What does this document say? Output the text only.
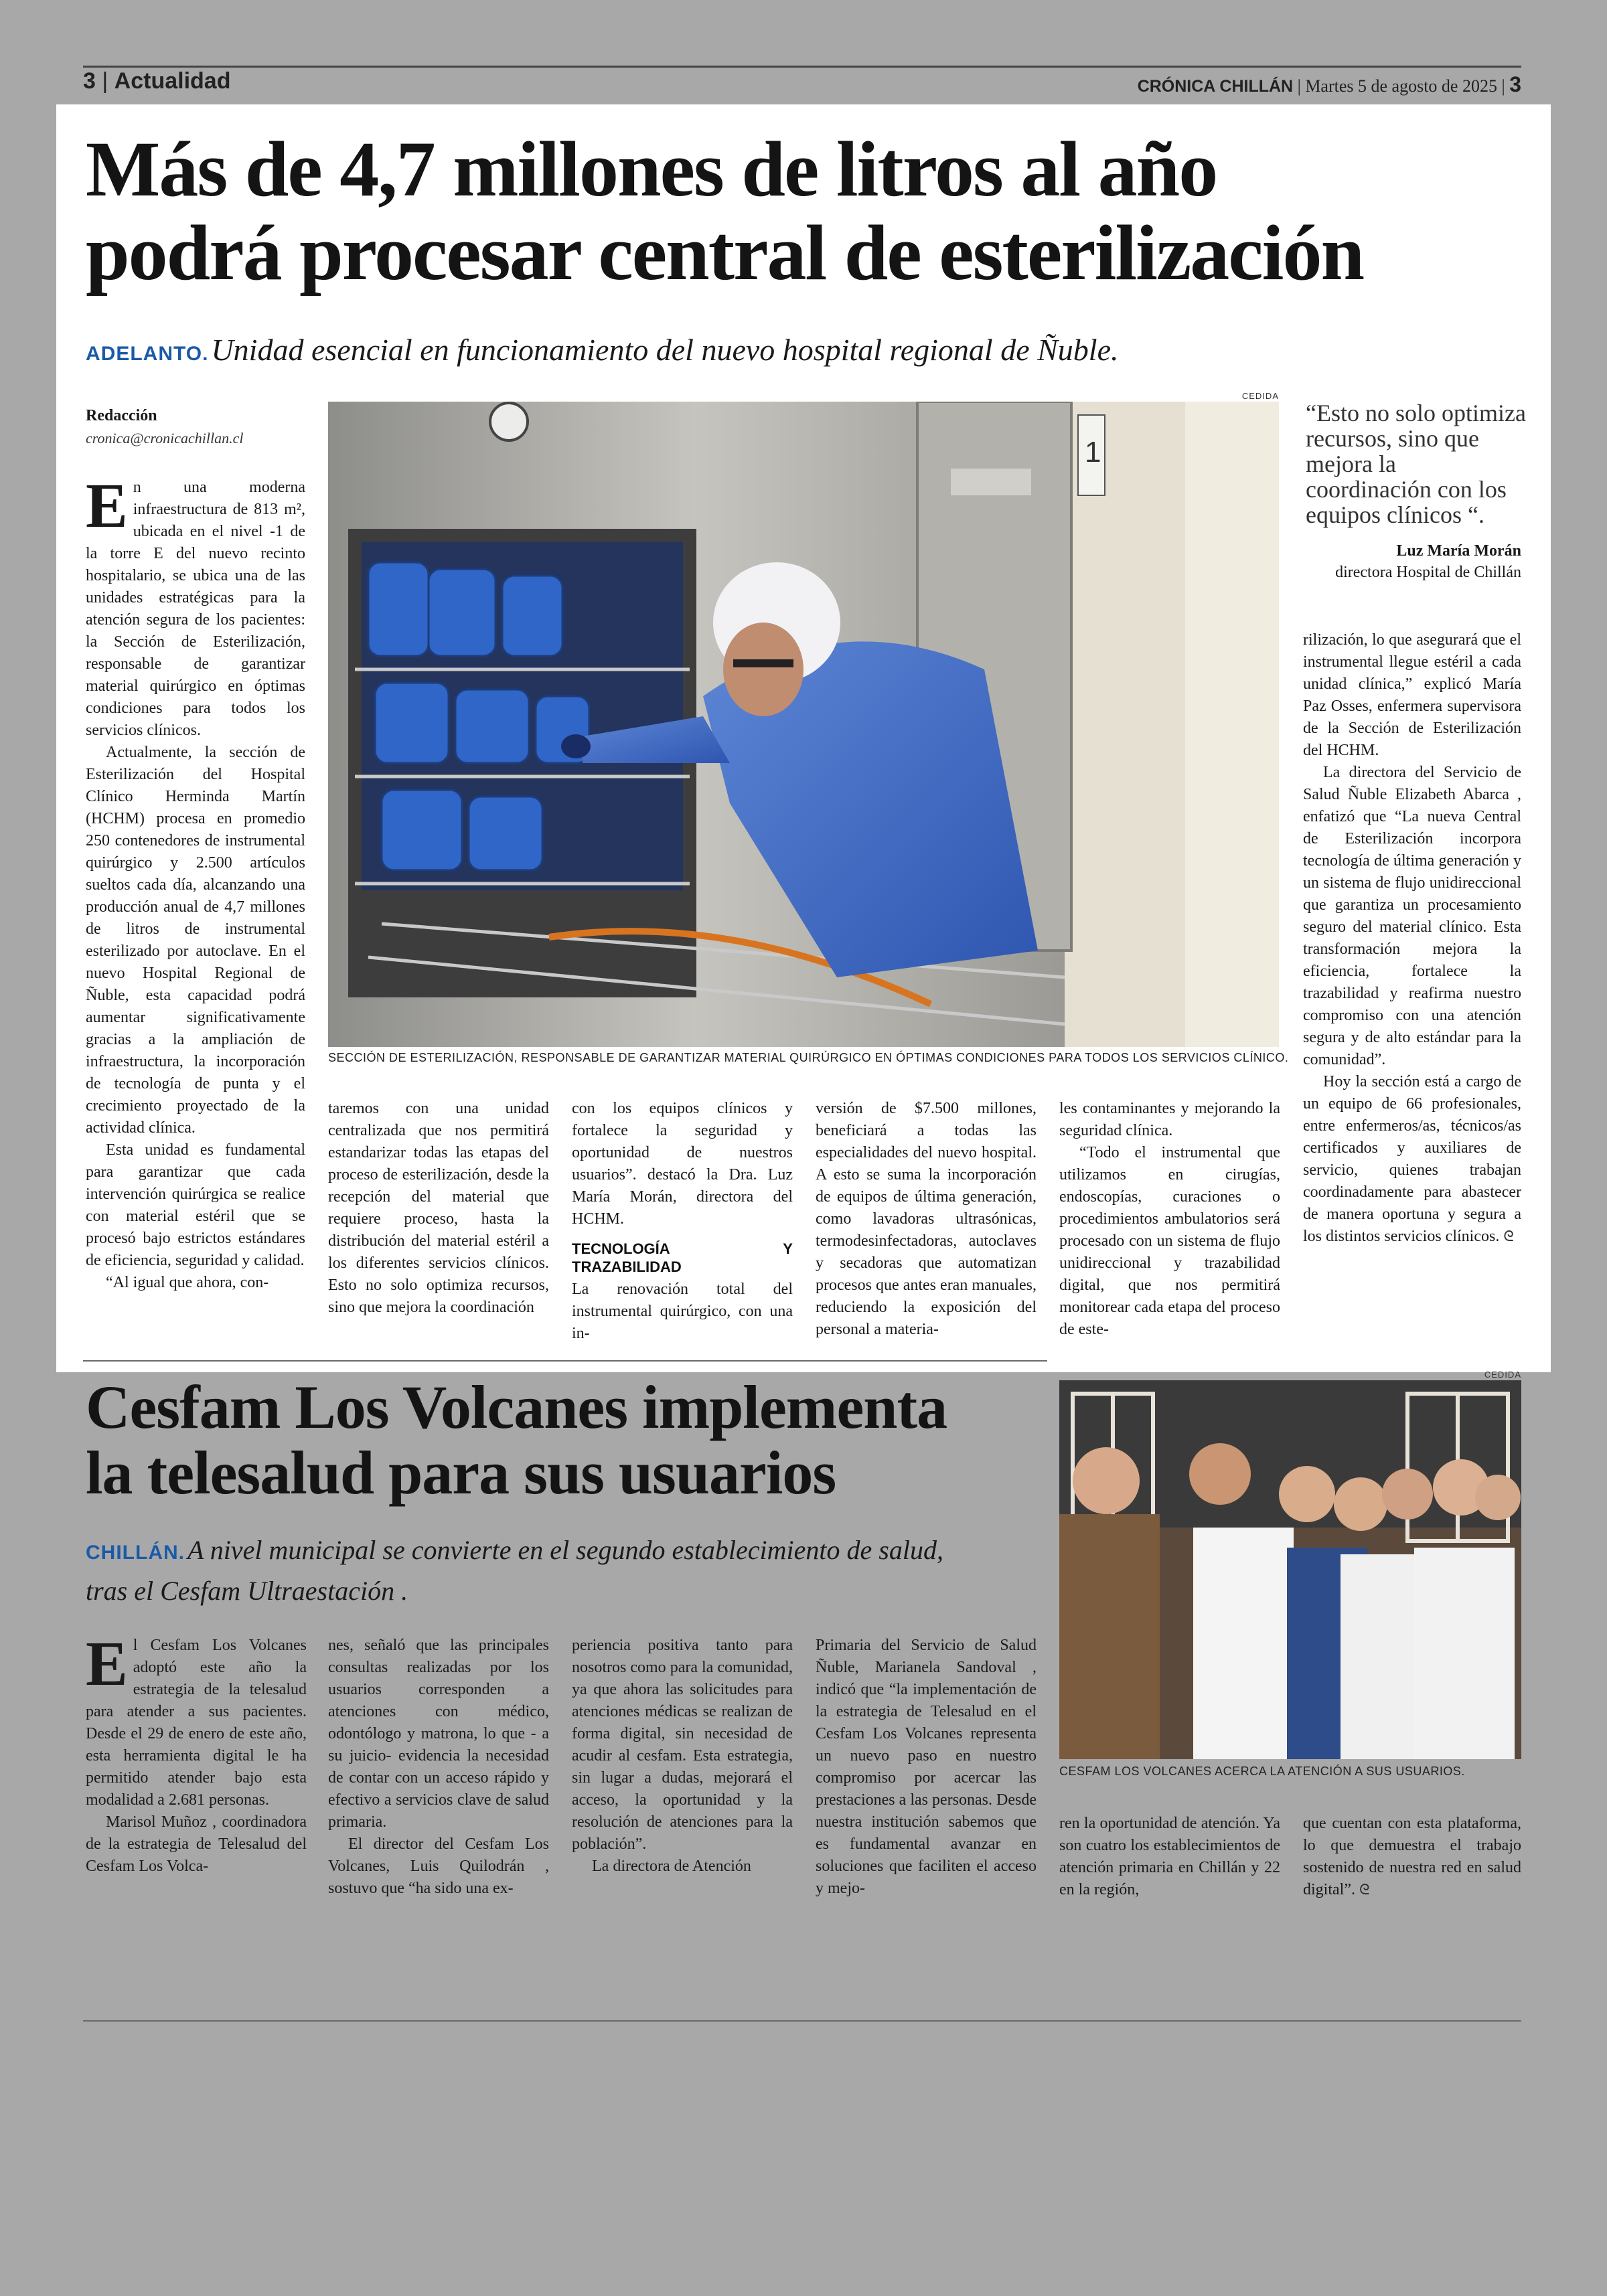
3 | Actualidad	CRÓNICA CHILLÁN | Martes 5 de agosto de 2025 | 3
Más de 4,7 millones de litros al año
podrá procesar central de esterilización
ADELANTO. Unidad esencial en funcionamiento del nuevo hospital regional de Ñuble.
Redacción
cronica@cronicachillan.cl
CEDIDA
1
SECCIÓN DE ESTERILIZACIÓN, RESPONSABLE DE GARANTIZAR MATERIAL QUIRÚRGICO EN ÓPTIMAS CONDICIONES PARA TODOS LOS SERVICIOS CLÍNICO.
“Esto no solo optimiza recursos, sino que mejora la coordinación con los equipos clínicos “.
Luz María Morán
directora Hospital de Chillán

En una moderna infraestructura de 813 m², ubicada en el nivel -1 de la torre E del nuevo recinto hospitalario, se ubica una de las unidades estratégicas para la atención segura de los pacientes: la Sección de Esterilización, responsable de garantizar material quirúrgico en óptimas condiciones para todos los servicios clínicos.

Actualmente, la sección de Esterilización del Hospital Clínico Herminda Martín (HCHM) procesa en promedio 250 contenedores de instrumental quirúrgico y 2.500 artículos sueltos cada día, alcanzando una producción anual de 4,7 millones de litros de instrumental esterilizado por autoclave. En el nuevo Hospital Regional de Ñuble, esta capacidad podrá aumentar significativamente gracias a la ampliación de infraestructura, la incorporación de tecnología de punta y el crecimiento proyectado de la actividad clínica.

Esta unidad es fundamental para garantizar que cada intervención quirúrgica se realice con material estéril que se procesó bajo estrictos estándares de eficiencia, seguridad y calidad.

“Al igual que ahora, con-

taremos con una unidad centralizada que nos permitirá estandarizar todas las etapas del proceso de esterilización, desde la recepción del material que requiere proceso, hasta la distribución del material estéril a los diferentes servicios clínicos. Esto no solo optimiza recursos, sino que mejora la coordinación

con los equipos clínicos y fortalece la seguridad y oportunidad de nuestros usuarios”. destacó la Dra. Luz María Morán, directora del HCHM.

TECNOLOGÍA Y TRAZABILIDAD

La renovación total del instrumental quirúrgico, con una in-

versión de $7.500 millones, beneficiará a todas las especialidades del nuevo hospital. A esto se suma la incorporación de equipos de última generación, como lavadoras ultrasónicas, termodesinfectadoras, autoclaves y secadoras que automatizan procesos que antes eran manuales, reduciendo la exposición del personal a materia-

les contaminantes y mejorando la seguridad clínica.

“Todo el instrumental que utilizamos en cirugías, endoscopías, curaciones o procedimientos ambulatorios será procesado con un sistema de flujo unidireccional y trazabilidad digital, que nos permitirá monitorear cada etapa del proceso de este-

rilización, lo que asegurará que el instrumental llegue estéril a cada unidad clínica,” explicó María Paz Osses, enfermera supervisora de la Sección de Esterilización del HCHM.

La directora del Servicio de Salud Ñuble Elizabeth Abarca , enfatizó que “La nueva Central de Esterilización incorpora tecnología de última generación y un sistema de flujo unidireccional que garantiza un procesamiento seguro del material clínico. Esta transformación mejora la eficiencia, fortalece la trazabilidad y reafirma nuestro compromiso con una atención segura y de alto estándar para la comunidad”.

Hoy la sección está a cargo de un equipo de 66 profesionales, entre enfermeros/as, técnicos/as certificados y auxiliares de servicio, quienes trabajan coordinadamente para abastecer de manera oportuna y segura a los distintos servicios clínicos. ᘓ

Cesfam Los Volcanes implementa
la telesalud para sus usuarios
CHILLÁN. A nivel municipal se convierte en el segundo establecimiento de salud,
tras el Cesfam Ultraestación .
CEDIDA
CESFAM LOS VOLCANES ACERCA LA ATENCIÓN A SUS USUARIOS.

El Cesfam Los Volcanes adoptó este año la estrategia de la telesalud para atender a sus pacientes. Desde el 29 de enero de este año, esta herramienta digital le ha permitido atender bajo esta modalidad a 2.681 personas.

Marisol Muñoz , coordinadora de la estrategia de Telesalud del Cesfam Los Volca-

nes, señaló que las principales consultas realizadas por los usuarios corresponden a atenciones con médico, odontólogo y matrona, lo que - a su juicio- evidencia la necesidad de contar con un acceso rápido y efectivo a servicios clave de salud primaria.

El director del Cesfam Los Volcanes, Luis Quilodrán , sostuvo que “ha sido una ex-

periencia positiva tanto para nosotros como para la comunidad, ya que ahora las solicitudes para atenciones médicas se realizan de forma digital, sin necesidad de acudir al cesfam. Esta estrategia, sin lugar a dudas, mejorará el acceso, la oportunidad y la resolución de atenciones para la población”.

La directora de Atención

Primaria del Servicio de Salud Ñuble, Marianela Sandoval , indicó que “la implementación de la estrategia de Telesalud en el Cesfam Los Volcanes representa un nuevo paso en nuestro compromiso por acercar las prestaciones a las personas. Desde nuestra institución sabemos que es fundamental avanzar en soluciones que faciliten el acceso y mejo-

ren la oportunidad de atención. Ya son cuatro los establecimientos de atención primaria en Chillán y 22 en la región,

que cuentan con esta plataforma, lo que demuestra el trabajo sostenido de nuestra red en salud digital”. ᘓ
